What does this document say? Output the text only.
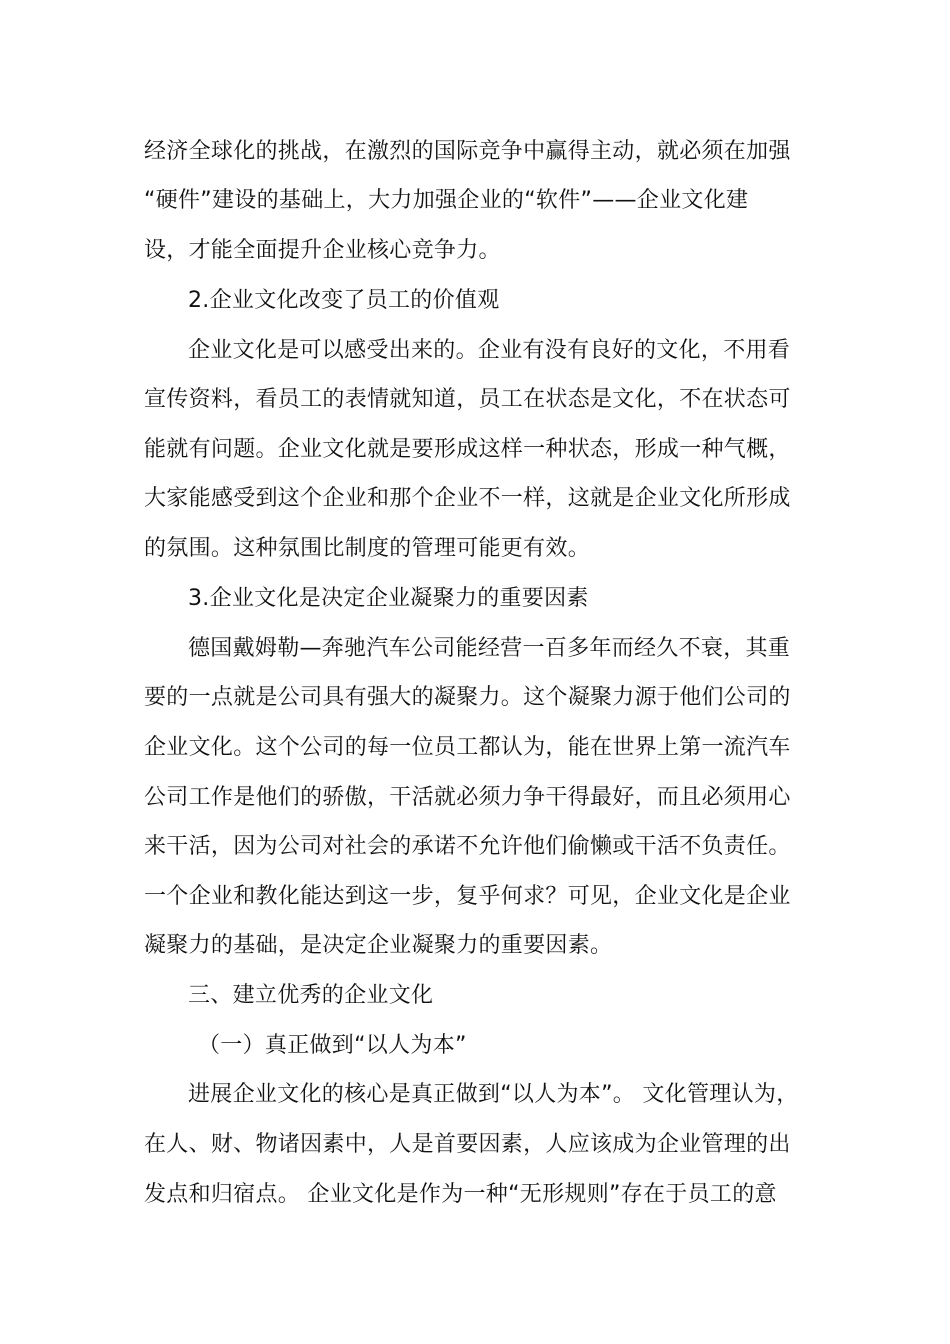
经济全球化的挑战，在激烈的国际竞争中赢得主动，就必须在加强
“硬件”建设的基础上，大力加强企业的“软件”——企业文化建
设，才能全面提升企业核心竞争力。
2.企业文化改变了员工的价值观
企业文化是可以感受出来的。企业有没有良好的文化，不用看
宣传资料，看员工的表情就知道，员工在状态是文化，不在状态可
能就有问题。企业文化就是要形成这样一种状态，形成一种气概，
大家能感受到这个企业和那个企业不一样，这就是企业文化所形成
的氛围。这种氛围比制度的管理可能更有效。
3.企业文化是决定企业凝聚力的重要因素
德国戴姆勒—奔驰汽车公司能经营一百多年而经久不衰，其重
要的一点就是公司具有强大的凝聚力。这个凝聚力源于他们公司的
企业文化。这个公司的每一位员工都认为，能在世界上第一流汽车
公司工作是他们的骄傲，干活就必须力争干得最好，而且必须用心
来干活，因为公司对社会的承诺不允许他们偷懒或干活不负责任。
一个企业和教化能达到这一步，复乎何求？可见，企业文化是企业
凝聚力的基础，是决定企业凝聚力的重要因素。
三、建立优秀的企业文化
（一）真正做到“以人为本”
进展企业文化的核心是真正做到“以人为本”。 文化管理认为，
在人、财、物诸因素中，人是首要因素，人应该成为企业管理的出
发点和归宿点。 企业文化是作为一种“无形规则”存在于员工的意
